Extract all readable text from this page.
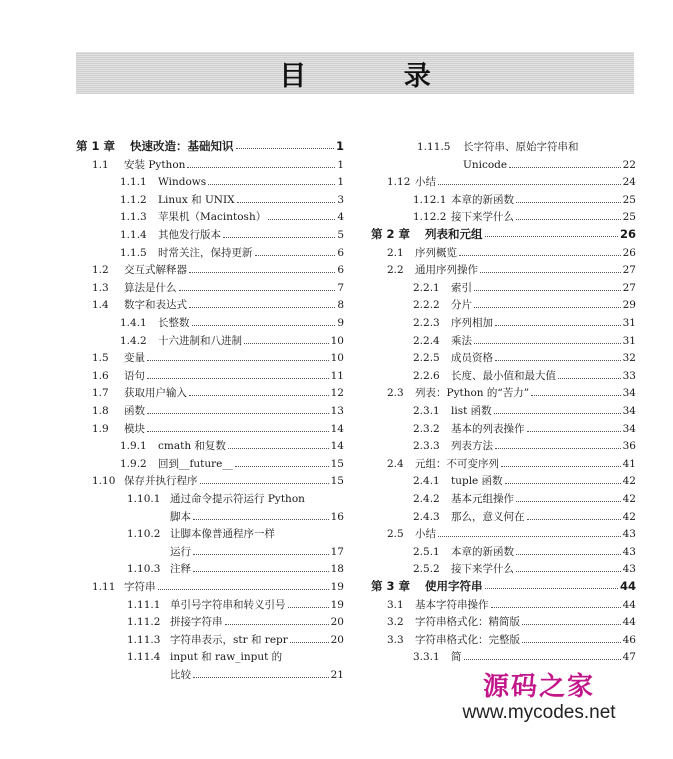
目 录
第 1 章 快速改造：基础知识	1
1.1 安装 Python	1
1.1.1 Windows	1
1.1.2 Linux 和 UNIX	3
1.1.3 苹果机（Macintosh）	4
1.1.4 其他发行版本	5
1.1.5 时常关注，保持更新	6
1.2 交互式解释器	6
1.3 算法是什么	7
1.4 数字和表达式	8
1.4.1 长整数	9
1.4.2 十六进制和八进制	10
1.5 变量	10
1.6 语句	11
1.7 获取用户输入	12
1.8 函数	13
1.9 模块	14
1.9.1 cmath 和复数	14
1.9.2 回到__future__	15
1.10 保存并执行程序	15
1.10.1 通过命令提示符运行 Python
脚本	16
1.10.2 让脚本像普通程序一样
运行	17
1.10.3 注释	18
1.11 字符串	19
1.11.1 单引号字符串和转义引号	19
1.11.2 拼接字符串	20
1.11.3 字符串表示，str 和 repr	20
1.11.4 input 和 raw_input 的
比较	21
1.11.5 长字符串、原始字符串和
Unicode	22
1.12 小结	24
1.12.1 本章的新函数	25
1.12.2 接下来学什么	25
第 2 章 列表和元组	26
2.1 序列概览	26
2.2 通用序列操作	27
2.2.1 索引	27
2.2.2 分片	29
2.2.3 序列相加	31
2.2.4 乘法	31
2.2.5 成员资格	32
2.2.6 长度、最小值和最大值	33
2.3 列表：Python 的“苦力”	34
2.3.1 list 函数	34
2.3.2 基本的列表操作	34
2.3.3 列表方法	36
2.4 元组：不可变序列	41
2.4.1 tuple 函数	42
2.4.2 基本元组操作	42
2.4.3 那么，意义何在	42
2.5 小结	43
2.5.1 本章的新函数	43
2.5.2 接下来学什么	43
第 3 章 使用字符串	44
3.1 基本字符串操作	44
3.2 字符串格式化：精简版	44
3.3 字符串格式化：完整版	46
3.3.1 简	47
源码之家
www.mycodes.net
